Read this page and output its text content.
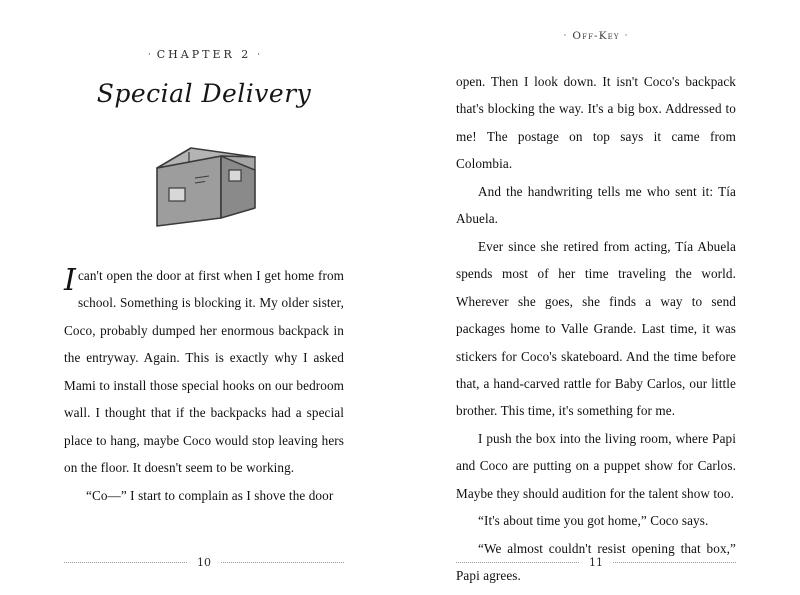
· CHAPTER 2 ·
Special Delivery

Ican't open the door at first when I get home from school. Something is blocking it. My older sister, Coco, probably dumped her enormous backpack in the entryway. Again. This is exactly why I asked Mami to install those special hooks on our bedroom wall. I thought that if the backpacks had a special place to hang, maybe Coco would stop leaving hers on the floor. It doesn't seem to be working.

“Co—” I start to complain as I shove the door

10
· Off-Key ·

open. Then I look down. It isn't Coco's backpack that's blocking the way. It's a big box. Addressed to me! The postage on top says it came from Colombia.

And the handwriting tells me who sent it: Tía Abuela.

Ever since she retired from acting, Tía Abuela spends most of her time traveling the world. Wherever she goes, she finds a way to send packages home to Valle Grande. Last time, it was stickers for Coco's skateboard. And the time before that, a hand-carved rattle for Baby Carlos, our little brother. This time, it's something for me.

I push the box into the living room, where Papi and Coco are putting on a puppet show for Carlos. Maybe they should audition for the talent show too.

“It's about time you got home,” Coco says.

“We almost couldn't resist opening that box,” Papi agrees.

11
